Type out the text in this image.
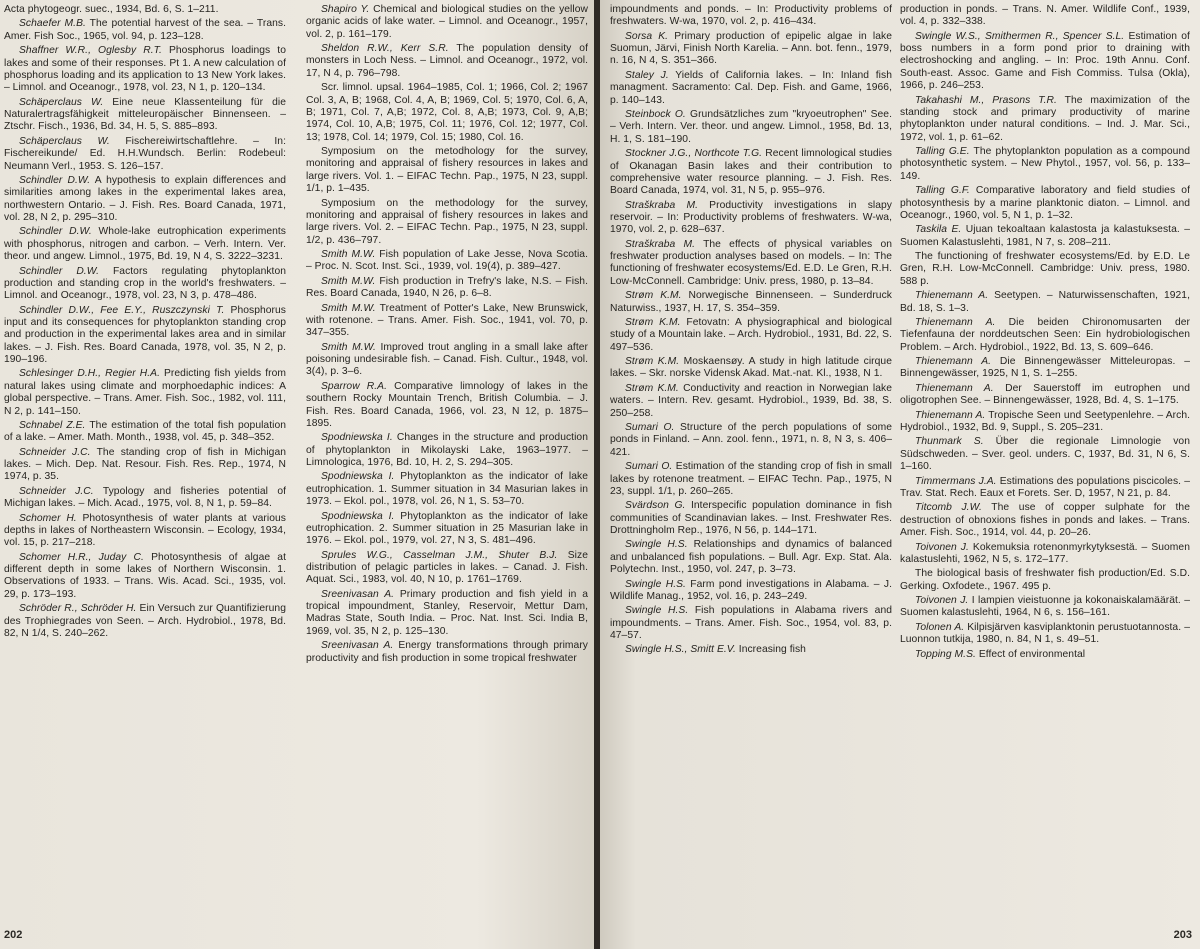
Acta phytogeogr. suec., 1934, Bd. 6, S. 1–211.

Schaefer M.B. The potential harvest of the sea. – Trans. Amer. Fish Soc., 1965, vol. 94, p. 123–128.

Shaffner W.R., Oglesby R.T. Phosphorus loadings to lakes and some of their responses. Pt 1. A new calculation of phosphorus loading and its application to 13 New York lakes. – Limnol. and Oceanogr., 1978, vol. 23, N 1, p. 120–134.

Schäperclaus W. Eine neue Klassenteilung für die Naturalertragsfähigkeit mitteleuropäischer Binnenseen. – Ztschr. Fisch., 1936, Bd. 34, H. 5, S. 885–893.

Schäperclaus W. Fischereiwirtschaftlehre. – In: Fischereikunde/ Ed. H.H.Wundsch. Berlin: Rodebeul: Neumann Verl., 1953. S. 126–157.

Schindler D.W. A hypothesis to explain differences and similarities among lakes in the experimental lakes area, northwestern Ontario. – J. Fish. Res. Board Canada, 1971, vol. 28, N 2, p. 295–310.

Schindler D.W. Whole-lake eutrophication experiments with phosphorus, nitrogen and carbon. – Verh. Intern. Ver. theor. und angew. Limnol., 1975, Bd. 19, N 4, S. 3222–3231.

Schindler D.W. Factors regulating phytoplankton production and standing crop in the world's freshwaters. – Limnol. and Oceanogr., 1978, vol. 23, N 3, p. 478–486.

Schindler D.W., Fee E.Y., Ruszczynski T. Phosphorus input and its consequences for phytoplankton standing crop and production in the experimental lakes area and in similar lakes. – J. Fish. Res. Board Canada, 1978, vol. 35, N 2, p. 190–196.

Schlesinger D.H., Regier H.A. Predicting fish yields from natural lakes using climate and morphoedaphic indices: A global perspective. – Trans. Amer. Fish. Soc., 1982, vol. 111, N 2, p. 141–150.

Schnabel Z.E. The estimation of the total fish population of a lake. – Amer. Math. Month., 1938, vol. 45, p. 348–352.

Schneider J.C. The standing crop of fish in Michigan lakes. – Mich. Dep. Nat. Resour. Fish. Res. Rep., 1974, N 1974, p. 35.

Schneider J.C. Typology and fisheries potential of Michigan lakes. – Mich. Acad., 1975, vol. 8, N 1, p. 59–84.

Schomer H. Photosynthesis of water plants at various depths in lakes of Northeastern Wisconsin. – Ecology, 1934, vol. 15, p. 217–218.

Schomer H.R., Juday C. Photosynthesis of algae at different depth in some lakes of Northern Wisconsin. 1. Observations of 1933. – Trans. Wis. Acad. Sci., 1935, vol. 29, p. 173–193.

Schröder R., Schröder H. Ein Versuch zur Quantifizierung des Trophiegrades von Seen. – Arch. Hydrobiol., 1978, Bd. 82, N 1/4, S. 240–262.

Shapiro Y. Chemical and biological studies on the yellow organic acids of lake water. – Limnol. and Oceanogr., 1957, vol. 2, p. 161–179.

Sheldon R.W., Kerr S.R. The population density of monsters in Loch Ness. – Limnol. and Oceanogr., 1972, vol. 17, N 4, p. 796–798.

Scr. limnol. upsal. 1964–1985, Col. 1; 1966, Col. 2; 1967 Col. 3, A, B; 1968, Col. 4, A, B; 1969, Col. 5; 1970, Col. 6, A, B; 1971, Col. 7, A,B; 1972, Col. 8, A,B; 1973, Col. 9, A,B; 1974, Col. 10, A,B; 1975, Col. 11; 1976, Col. 12; 1977, Col. 13; 1978, Col. 14; 1979, Col. 15; 1980, Col. 16.

Symposium on the metodhology for the survey, monitoring and appraisal of fishery resources in lakes and large rivers. Vol. 1. – EIFAC Techn. Pap., 1975, N 23, suppl. 1/1, p. 1–435.

Symposium on the methodology for the survey, monitoring and appraisal of fishery resources in lakes and large rivers. Vol. 2. – EIFAC Techn. Pap., 1975, N 23, suppl. 1/2, p. 436–797.

Smith M.W. Fish population of Lake Jesse, Nova Scotia. – Proc. N. Scot. Inst. Sci., 1939, vol. 19(4), p. 389–427.

Smith M.W. Fish production in Trefry's lake, N.S. – Fish. Res. Board Canada, 1940, N 26, p. 6–8.

Smith M.W. Treatment of Potter's Lake, New Brunswick, with rotenone. – Trans. Amer. Fish. Soc., 1941, vol. 70, p. 347–355.

Smith M.W. Improved trout angling in a small lake after poisoning undesirable fish. – Canad. Fish. Cultur., 1948, vol. 3(4), p. 3–6.

Sparrow R.A. Comparative limnology of lakes in the southern Rocky Mountain Trench, British Columbia. – J. Fish. Res. Board Canada, 1966, vol. 23, N 12, p. 1875–1895.

Spodniewska I. Changes in the structure and production of phytoplankton in Mikolayski Lake, 1963–1977. – Limnologica, 1976, Bd. 10, H. 2, S. 294–305.

Spodniewska I. Phytoplankton as the indicator of lake eutrophication. 1. Summer situation in 34 Masurian lakes in 1973. – Ekol. pol., 1978, vol. 26, N 1, S. 53–70.

Spodniewska I. Phytoplankton as the indicator of lake eutrophication. 2. Summer situation in 25 Masurian lake in 1976. – Ekol. pol., 1979, vol. 27, N 3, S. 481–496.

Sprules W.G., Casselman J.M., Shuter B.J. Size distribution of pelagic particles in lakes. – Canad. J. Fish. Aquat. Sci., 1983, vol. 40, N 10, p. 1761–1769.

Sreenivasan A. Primary production and fish yield in a tropical impoundment, Stanley, Reservoir, Mettur Dam, Madras State, South India. – Proc. Nat. Inst. Sci. India B, 1969, vol. 35, N 2, p. 125–130.

Sreenivasan A. Energy transformations through primary productivity and fish production in some tropical freshwater

202

impoundments and ponds. – In: Productivity problems of freshwaters. W-wa, 1970, vol. 2, p. 416–434.

Sorsa K. Primary production of epipelic algae in lake Suomun, Järvi, Finish North Karelia. – Ann. bot. fenn., 1979, n. 16, N 4, S. 351–366.

Staley J. Yields of California lakes. – In: Inland fish managment. Sacramento: Cal. Dep. Fish. and Game, 1966, p. 140–143.

Steinbock O. Grundsätzliches zum "kryoeutrophen" See. – Verh. Intern. Ver. theor. und angew. Limnol., 1958, Bd. 13, H. 1, S. 181–190.

Stockner J.G., Northcote T.G. Recent limnological studies of Okanagan Basin lakes and their contribution to comprehensive water resource planning. – J. Fish. Res. Board Canada, 1974, vol. 31, N 5, p. 955–976.

Straškraba M. Productivity investigations in slapy reservoir. – In: Productivity problems of freshwaters. W-wa, 1970, vol. 2, p. 628–637.

Straškraba M. The effects of physical variables on freshwater production analyses based on models. – In: The functioning of freshwater ecosystems/Ed. E.D. Le Gren, R.H. Low-McConnell. Cambridge: Univ. press, 1980, p. 13–84.

Strøm K.M. Norwegische Binnenseen. – Sunderdruck Naturwiss., 1937, H. 17, S. 354–359.

Strøm K.M. Fetovatn: A physiographical and biological study of a Mountain lake. – Arch. Hydrobiol., 1931, Bd. 22, S. 497–536.

Strøm K.M. Moskaensøy. A study in high latitude cirque lakes. – Skr. norske Vidensk Akad. Mat.-nat. Kl., 1938, N 1.

Strøm K.M. Conductivity and reaction in Norwegian lake waters. – Intern. Rev. gesamt. Hydrobiol., 1939, Bd. 38, S. 250–258.

Sumari O. Structure of the perch populations of some ponds in Finland. – Ann. zool. fenn., 1971, n. 8, N 3, s. 406–421.

Sumari O. Estimation of the standing crop of fish in small lakes by rotenone treatment. – EIFAC Techn. Pap., 1975, N 23, suppl. 1/1, p. 260–265.

Svärdson G. Interspecific population dominance in fish communities of Scandinavian lakes. – Inst. Freshwater Res. Drottningholm Rep., 1976, N 56, p. 144–171.

Swingle H.S. Relationships and dynamics of balanced and unbalanced fish populations. – Bull. Agr. Exp. Stat. Ala. Polytechn. Inst., 1950, vol. 247, p. 3–73.

Swingle H.S. Farm pond investigations in Alabama. – J. Wildlife Manag., 1952, vol. 16, p. 243–249.

Swingle H.S. Fish populations in Alabama rivers and impoundments. – Trans. Amer. Fish. Soc., 1954, vol. 83, p. 47–57.

Swingle H.S., Smitt E.V. Increasing fish

production in ponds. – Trans. N. Amer. Wildlife Conf., 1939, vol. 4, p. 332–338.

Swingle W.S., Smithermen R., Spencer S.L. Estimation of boss numbers in a form pond prior to draining with electroshocking and angling. – In: Proc. 19th Annu. Conf. South-east. Assoc. Game and Fish Commiss. Tulsa (Okla), 1966, p. 246–253.

Takahashi M., Prasons T.R. The maximization of the standing stock and primary productivity of marine phytoplankton under natural conditions. – Ind. J. Mar. Sci., 1972, vol. 1, p. 61–62.

Talling G.E. The phytoplankton population as a compound photosynthetic system. – New Phytol., 1957, vol. 56, p. 133–149.

Talling G.F. Comparative laboratory and field studies of photosynthesis by a marine planktonic diaton. – Limnol. and Oceanogr., 1960, vol. 5, N 1, p. 1–32.

Taskila E. Ujuan tekoaltaan kalastosta ja kalastuksesta. – Suomen Kalastuslehti, 1981, N 7, s. 208–211.

The functioning of freshwater ecosystems/Ed. by E.D. Le Gren, R.H. Low-McConnell. Cambridge: Univ. press, 1980. 588 p.

Thienemann A. Seetypen. – Naturwissenschaften, 1921, Bd. 18, S. 1–3.

Thienemann A. Die beiden Chironomusarten der Tiefenfauna der norddeutschen Seen: Ein hydrobiologischen Problem. – Arch. Hydrobiol., 1922, Bd. 13, S. 609–646.

Thienemann A. Die Binnengewässer Mitteleuropas. – Binnengewässer, 1925, N 1, S. 1–255.

Thienemann A. Der Sauerstoff im eutrophen und oligotrophen See. – Binnengewässer, 1928, Bd. 4, S. 1–175.

Thienemann A. Tropische Seen und Seetypenlehre. – Arch. Hydrobiol., 1932, Bd. 9, Suppl., S. 205–231.

Thunmark S. Über die regionale Limnologie von Südschweden. – Sver. geol. unders. C, 1937, Bd. 31, N 6, S. 1–160.

Timmermans J.A. Estimations des populations piscicoles. – Trav. Stat. Rech. Eaux et Forets. Ser. D, 1957, N 21, p. 84.

Titcomb J.W. The use of copper sulphate for the destruction of obnoxions fishes in ponds and lakes. – Trans. Amer. Fish. Soc., 1914, vol. 44, p. 20–26.

Toivonen J. Kokemuksia rotenonmyrkytyksestä. – Suomen kalastuslehti, 1962, N 5, s. 172–177.

The biological basis of freshwater fish production/Ed. S.D. Gerking. Oxfodete., 1967. 495 p.

Toivonen J. I lampien vieistuonne ja kokonaiskalamäärät. – Suomen kalastuslehti, 1964, N 6, s. 156–161.

Tolonen A. Kilpisjärven kasviplanktonin perustuotannosta. – Luonnon tutkija, 1980, n. 84, N 1, s. 49–51.

Topping M.S. Effect of environmental

203
